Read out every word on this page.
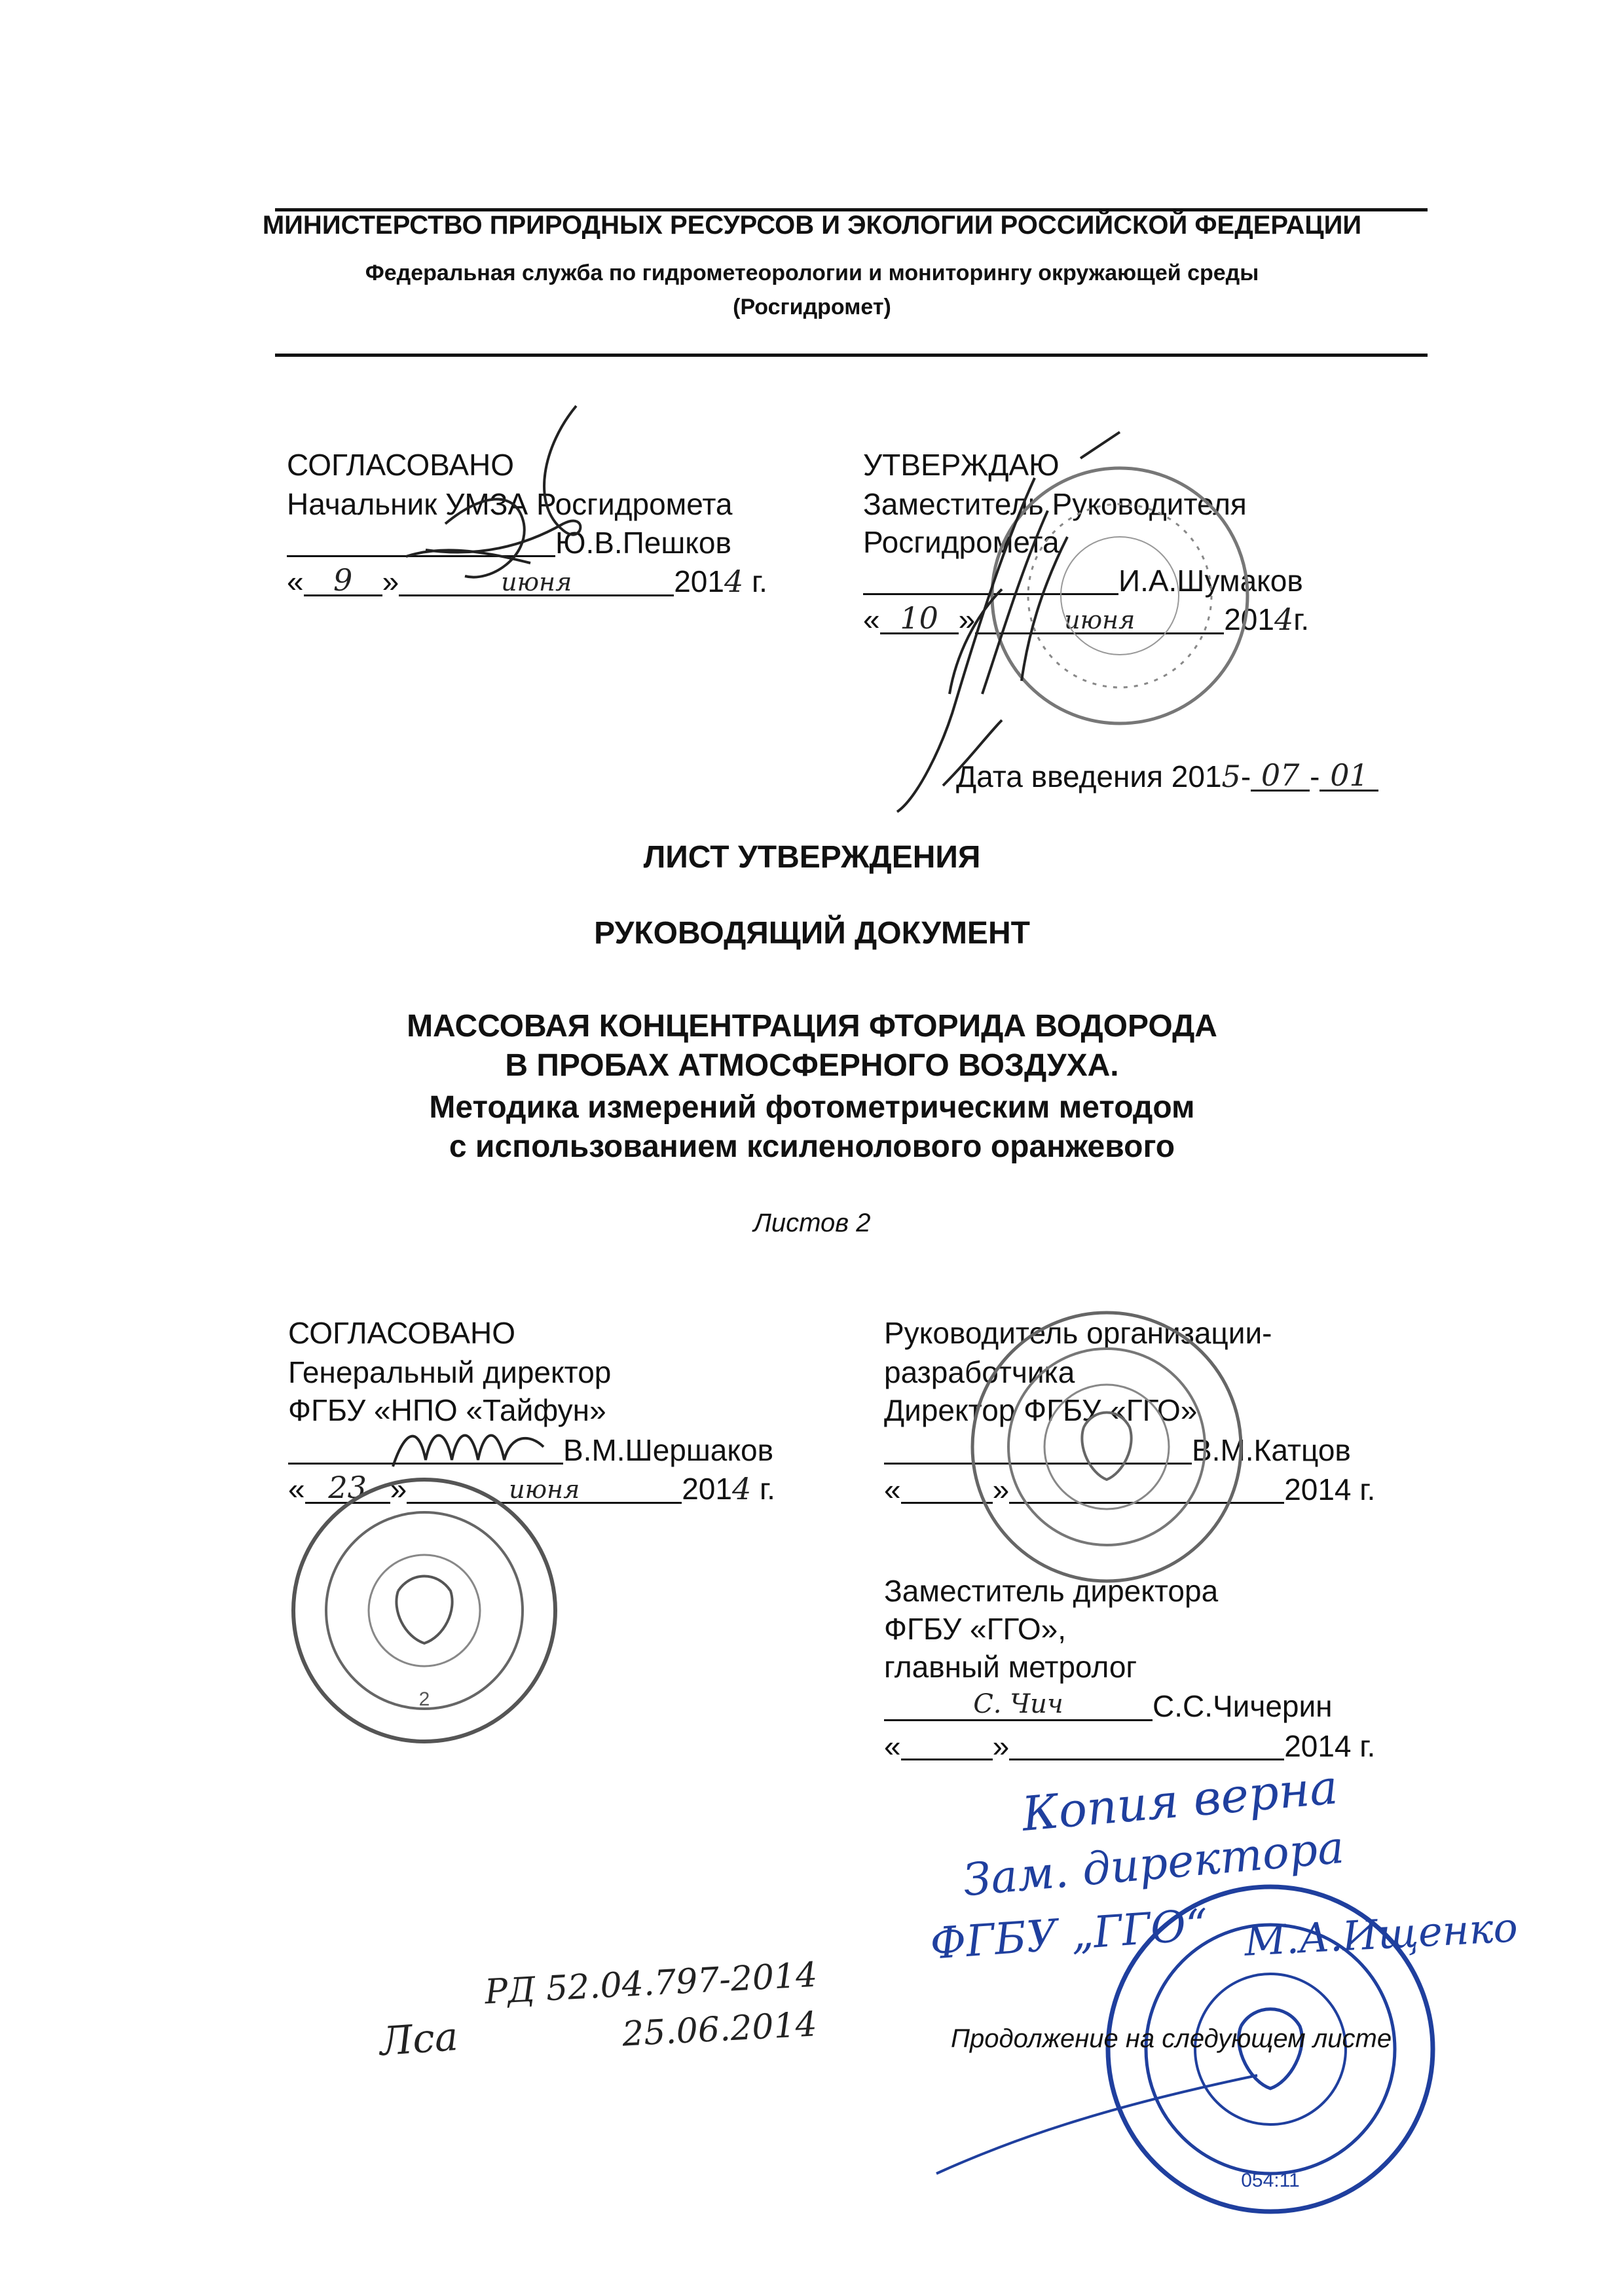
МИНИСТЕРСТВО ПРИРОДНЫХ РЕСУРСОВ И ЭКОЛОГИИ РОССИЙСКОЙ ФЕДЕРАЦИИ
Федеральная служба по гидрометеорологии и мониторингу окружающей среды
(Росгидромет)
СОГЛАСОВАНО
Начальник УМЗА Росгидромета
Ю.В.Пешков
« 9 »	июня	2014 г.
УТВЕРЖДАЮ
Заместитель Руководителя
Росгидромета
И.А.Шумаков
« 10 »	июня	2014г.
Дата введения 2015- 07 - 01
ЛИСТ УТВЕРЖДЕНИЯ
РУКОВОДЯЩИЙ ДОКУМЕНТ
МАССОВАЯ КОНЦЕНТРАЦИЯ ФТОРИДА ВОДОРОДА
В ПРОБАХ АТМОСФЕРНОГО ВОЗДУХА.
Методика измерений фотометрическим методом
с использованием ксиленолового оранжевого
Листов 2
СОГЛАСОВАНО
Генеральный директор
ФГБУ «НПО «Тайфун»
В.М.Шершаков
« 23 »	июня	2014 г.
2
Руководитель организации-
разработчика
Директор ФГБУ «ГГО»
В.М.Катцов
«	»	2014 г.
Заместитель директора
ФГБУ «ГГО»,
главный метролог
С. Чич	С.С.Чичерин
«	»	2014 г.
РД 52.04.797-2014
Лса	25.06.2014
054:11
Копия верна
Зам. директора
ФГБУ „ГГО“ М.А.Ищенко
Продолжение на следующем листе
